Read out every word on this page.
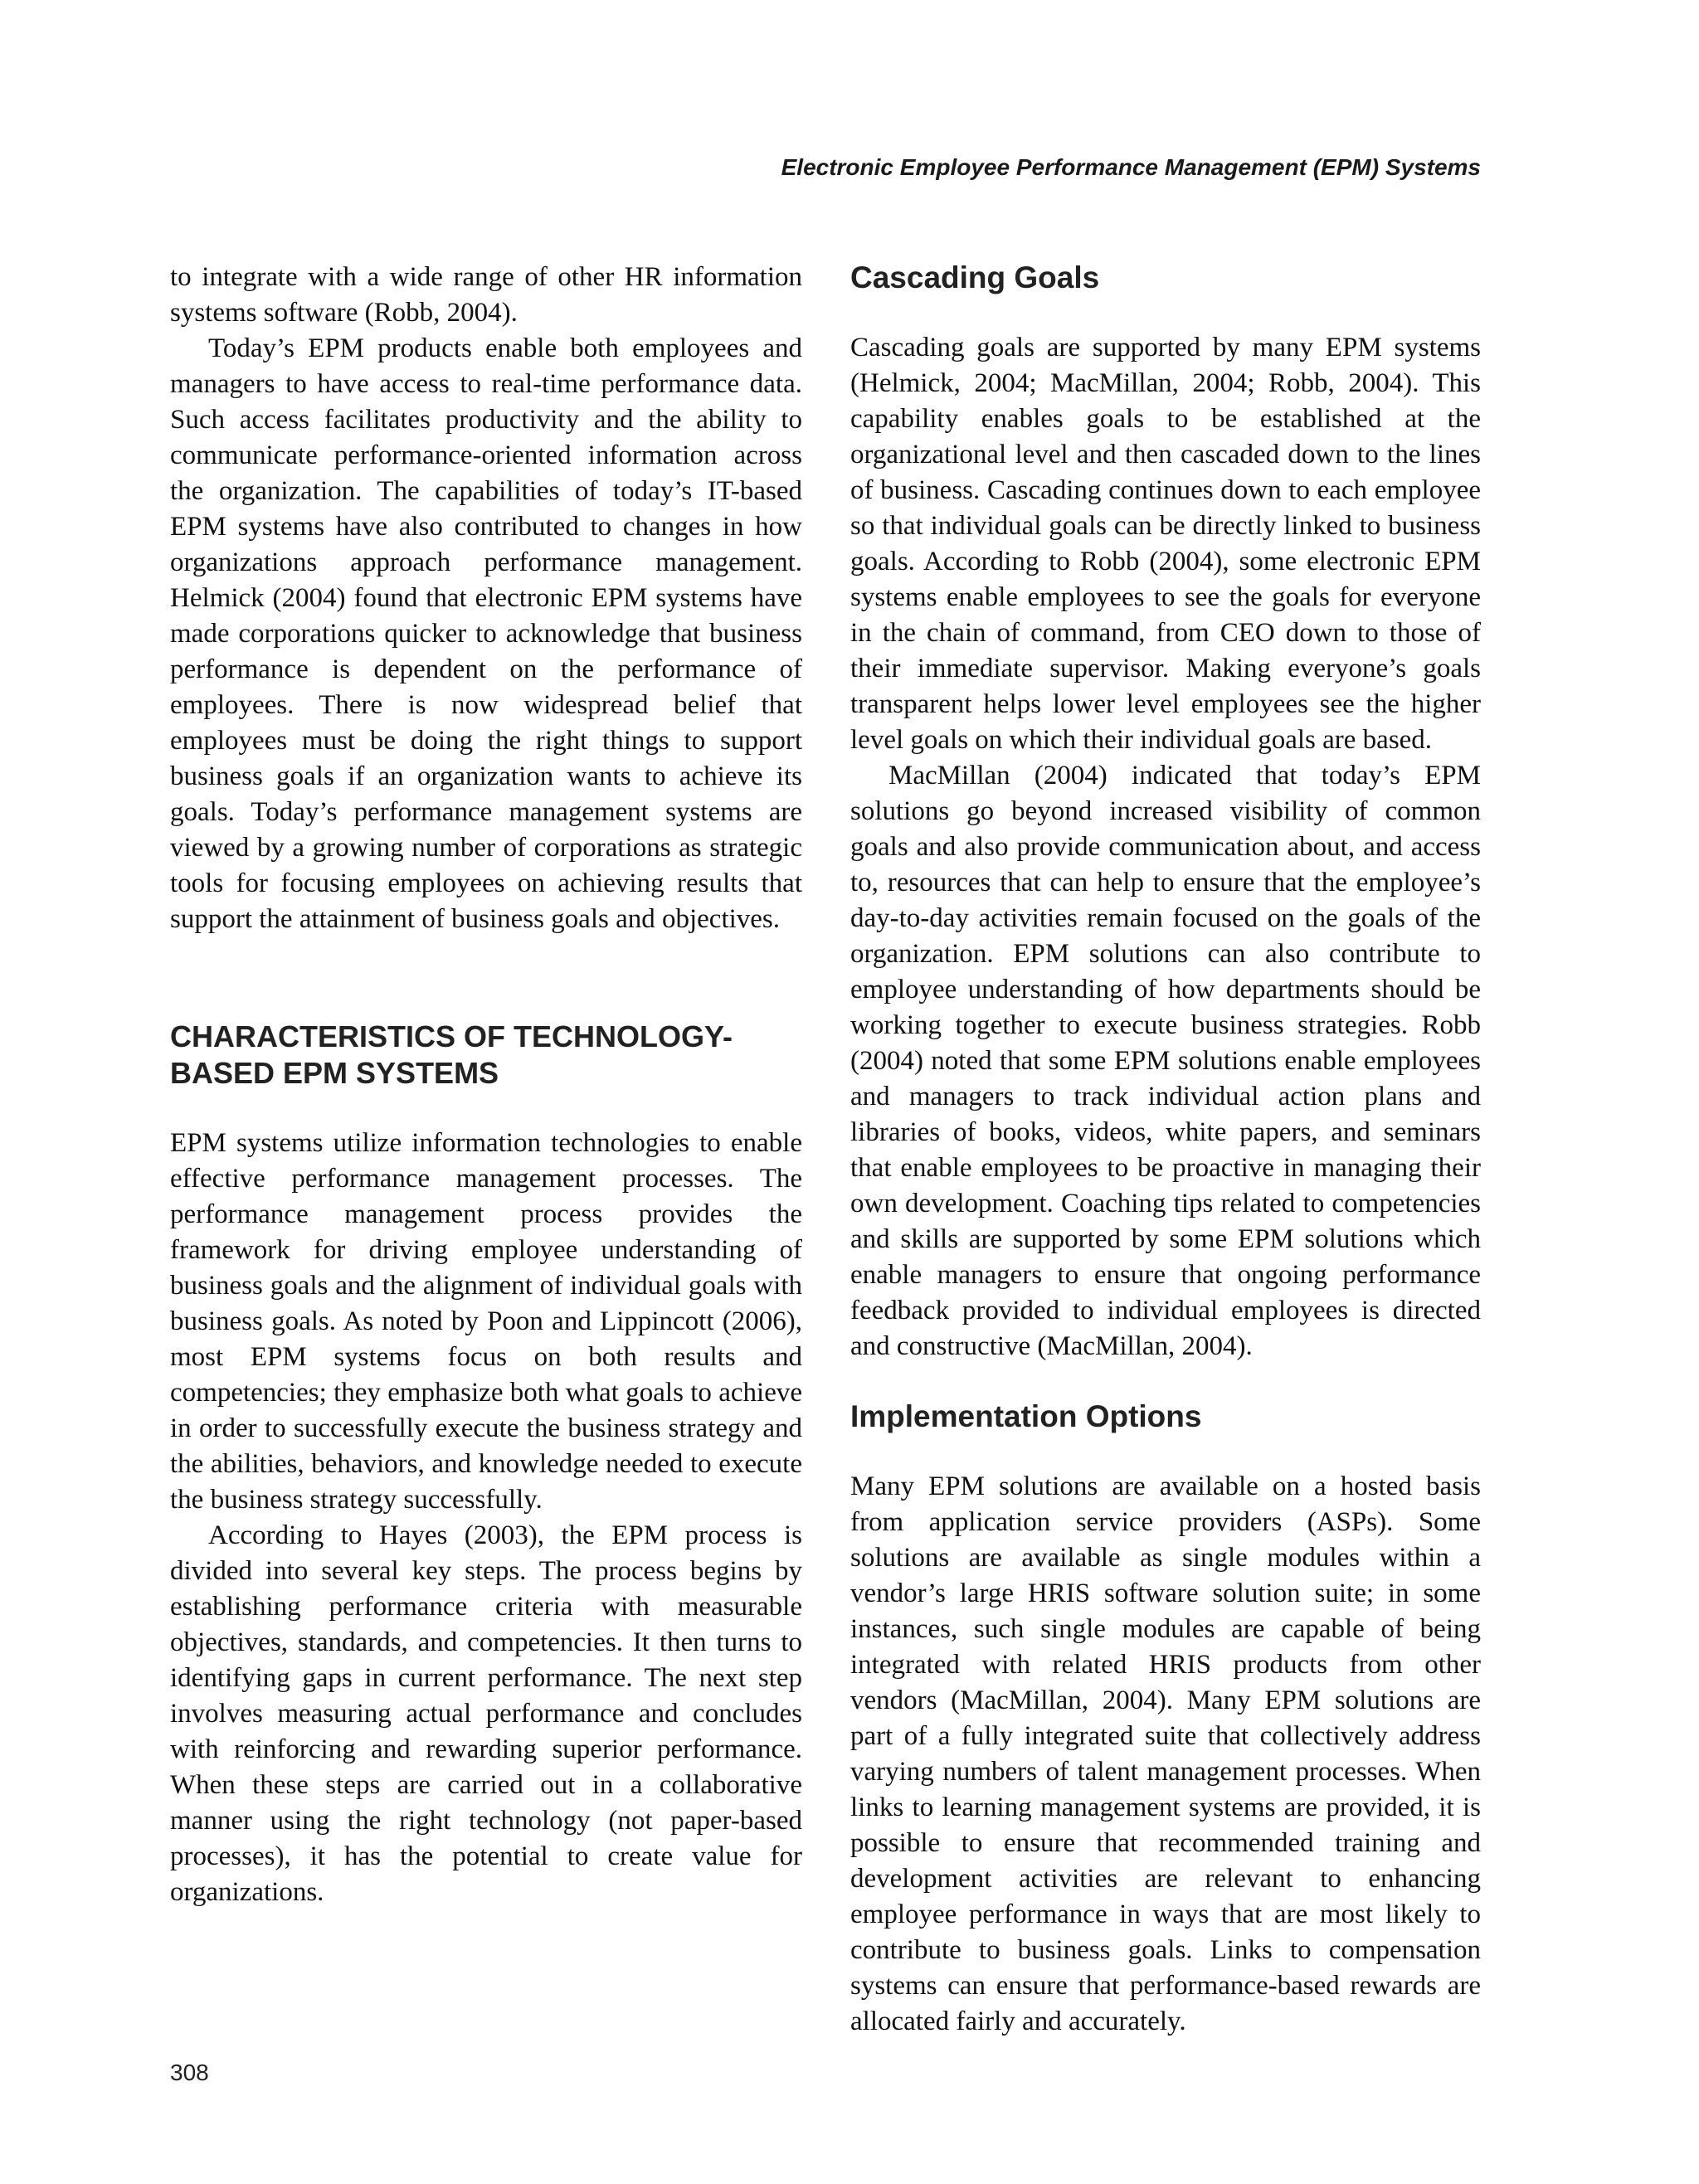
Electronic Employee Performance Management (EPM) Systems

to integrate with a wide range of other HR information systems software (Robb, 2004).

Today’s EPM products enable both employees and managers to have access to real-time performance data. Such access facilitates productivity and the ability to communicate performance-oriented information across the organization. The capabilities of today’s IT-based EPM systems have also contributed to changes in how organizations approach performance management. Helmick (2004) found that electronic EPM systems have made corporations quicker to acknowledge that business performance is dependent on the performance of employees. There is now widespread belief that employees must be doing the right things to support business goals if an organization wants to achieve its goals. Today’s performance management systems are viewed by a growing number of corporations as strategic tools for focusing employees on achieving results that support the attainment of business goals and objectives.

CHARACTERISTICS OF TECHNOLOGY-
BASED EPM SYSTEMS

EPM systems utilize information technologies to enable effective performance management processes. The performance management process provides the framework for driving employee understanding of business goals and the alignment of individual goals with business goals. As noted by Poon and Lippincott (2006), most EPM systems focus on both results and competencies; they emphasize both what goals to achieve in order to successfully execute the business strategy and the abilities, behaviors, and knowledge needed to execute the business strategy successfully.

According to Hayes (2003), the EPM process is divided into several key steps. The process begins by establishing performance criteria with measurable objectives, standards, and competencies. It then turns to identifying gaps in current performance. The next step involves measuring actual performance and concludes with reinforcing and rewarding superior performance. When these steps are carried out in a collaborative manner using the right technology (not paper-based processes), it has the potential to create value for organizations.

Cascading Goals

Cascading goals are supported by many EPM systems (Helmick, 2004; MacMillan, 2004; Robb, 2004). This capability enables goals to be established at the organizational level and then cascaded down to the lines of business. Cascading continues down to each employee so that individual goals can be directly linked to business goals. According to Robb (2004), some electronic EPM systems enable employees to see the goals for everyone in the chain of command, from CEO down to those of their immediate supervisor. Making everyone’s goals transparent helps lower level employees see the higher level goals on which their individual goals are based.

MacMillan (2004) indicated that today’s EPM solutions go beyond increased visibility of common goals and also provide communication about, and access to, resources that can help to ensure that the employee’s day-to-day activities remain focused on the goals of the organization. EPM solutions can also contribute to employee understanding of how departments should be working together to execute business strategies. Robb (2004) noted that some EPM solutions enable employees and managers to track individual action plans and libraries of books, videos, white papers, and seminars that enable employees to be proactive in managing their own development. Coaching tips related to competencies and skills are supported by some EPM solutions which enable managers to ensure that ongoing performance feedback provided to individual employees is directed and constructive (MacMillan, 2004).

Implementation Options

Many EPM solutions are available on a hosted basis from application service providers (ASPs). Some solutions are available as single modules within a vendor’s large HRIS software solution suite; in some instances, such single modules are capable of being integrated with related HRIS products from other vendors (MacMillan, 2004). Many EPM solutions are part of a fully integrated suite that collectively address varying numbers of talent management processes. When links to learning management systems are provided, it is possible to ensure that recommended training and development activities are relevant to enhancing employee performance in ways that are most likely to contribute to business goals. Links to compensation systems can ensure that performance-based rewards are allocated fairly and accurately.

308
